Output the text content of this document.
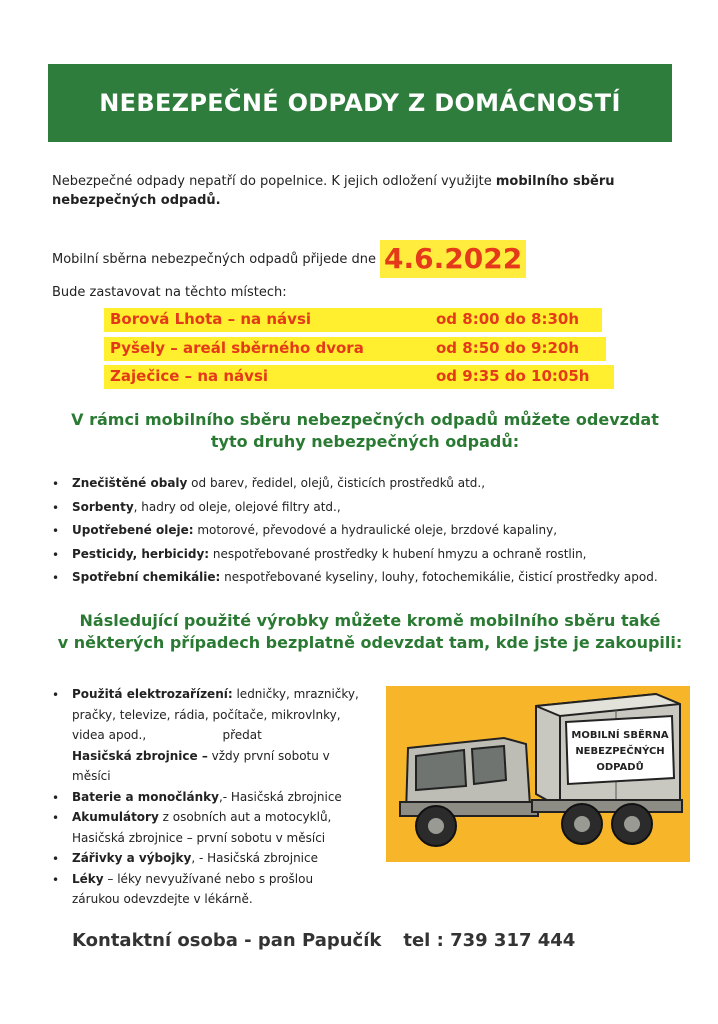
NEBEZPEČNÉ ODPADY Z DOMÁCNOSTÍ
Nebezpečné odpady nepatří do popelnice. K jejich odložení využijte mobilního sběru nebezpečných odpadů.
Mobilní sběrna nebezpečných odpadů přijede dne 4.6.2022
Bude zastavovat na těchto místech:
Borová Lhota – na návsi	od 8:00 do 8:30h
Pyšely – areál sběrného dvora	od 8:50 do 9:20h
Zaječice – na návsi	od 9:35 do 10:05h
V rámci mobilního sběru nebezpečných odpadů můžete odevzdat
tyto druhy nebezpečných odpadů:
• Znečištěné obaly od barev, ředidel, olejů, čisticích prostředků atd.,
• Sorbenty, hadry od oleje, olejové filtry atd.,
• Upotřebené oleje: motorové, převodové a hydraulické oleje, brzdové kapaliny,
• Pesticidy, herbicidy: nespotřebované prostředky k hubení hmyzu a ochraně rostlin,
• Spotřební chemikálie: nespotřebované kyseliny, louhy, fotochemikálie, čisticí prostředky apod.
Následující použité výrobky můžete kromě mobilního sběru také
v některých případech bezplatně odevzdat tam, kde jste je zakoupili:
• Použitá elektrozařízení: ledničky, mrazničky,
pračky, televize, rádia, počítače, mikrovlnky,
videa apod.,                    předat
Hasičská zbrojnice – vždy první sobotu v
měsíci
• Baterie a monočlánky,- Hasičská zbrojnice
• Akumulátory z osobních aut a motocyklů,
Hasičská zbrojnice – první sobotu v měsíci
• Zářivky a výbojky, - Hasičská zbrojnice
• Léky – léky nevyužívané nebo s prošlou
zárukou odevzdejte v lékárně.
MOBILNÍ SBĚRNA
NEBEZPEČNÝCH
ODPADŮ
Kontaktní osoba - pan Papučík tel : 739 317 444
